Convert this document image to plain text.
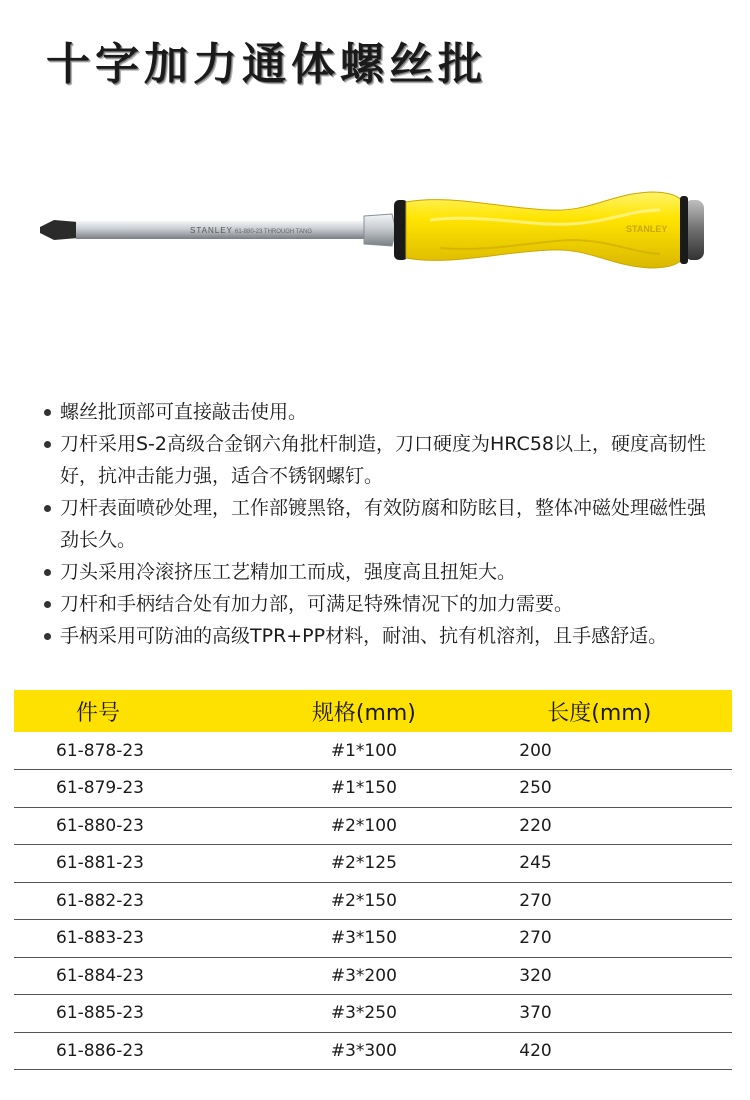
十字加力通体螺丝批
STANLEY 61-880-23 THROUGH TANG	STANLEY
螺丝批顶部可直接敲击使用。
刀杆采用S-2高级合金钢六角批杆制造，刀口硬度为HRC58以上，硬度高韧性好，抗冲击能力强，适合不锈钢螺钉。
刀杆表面喷砂处理，工作部镀黑铬，有效防腐和防眩目，整体冲磁处理磁性强劲长久。
刀头采用冷滚挤压工艺精加工而成，强度高且扭矩大。
刀杆和手柄结合处有加力部，可满足特殊情况下的加力需要。
手柄采用可防油的高级TPR+PP材料，耐油、抗有机溶剂，且手感舒适。
件号	规格(mm)	长度(mm)
61-878-23	#1*100	200
61-879-23	#1*150	250
61-880-23	#2*100	220
61-881-23	#2*125	245
61-882-23	#2*150	270
61-883-23	#3*150	270
61-884-23	#3*200	320
61-885-23	#3*250	370
61-886-23	#3*300	420
